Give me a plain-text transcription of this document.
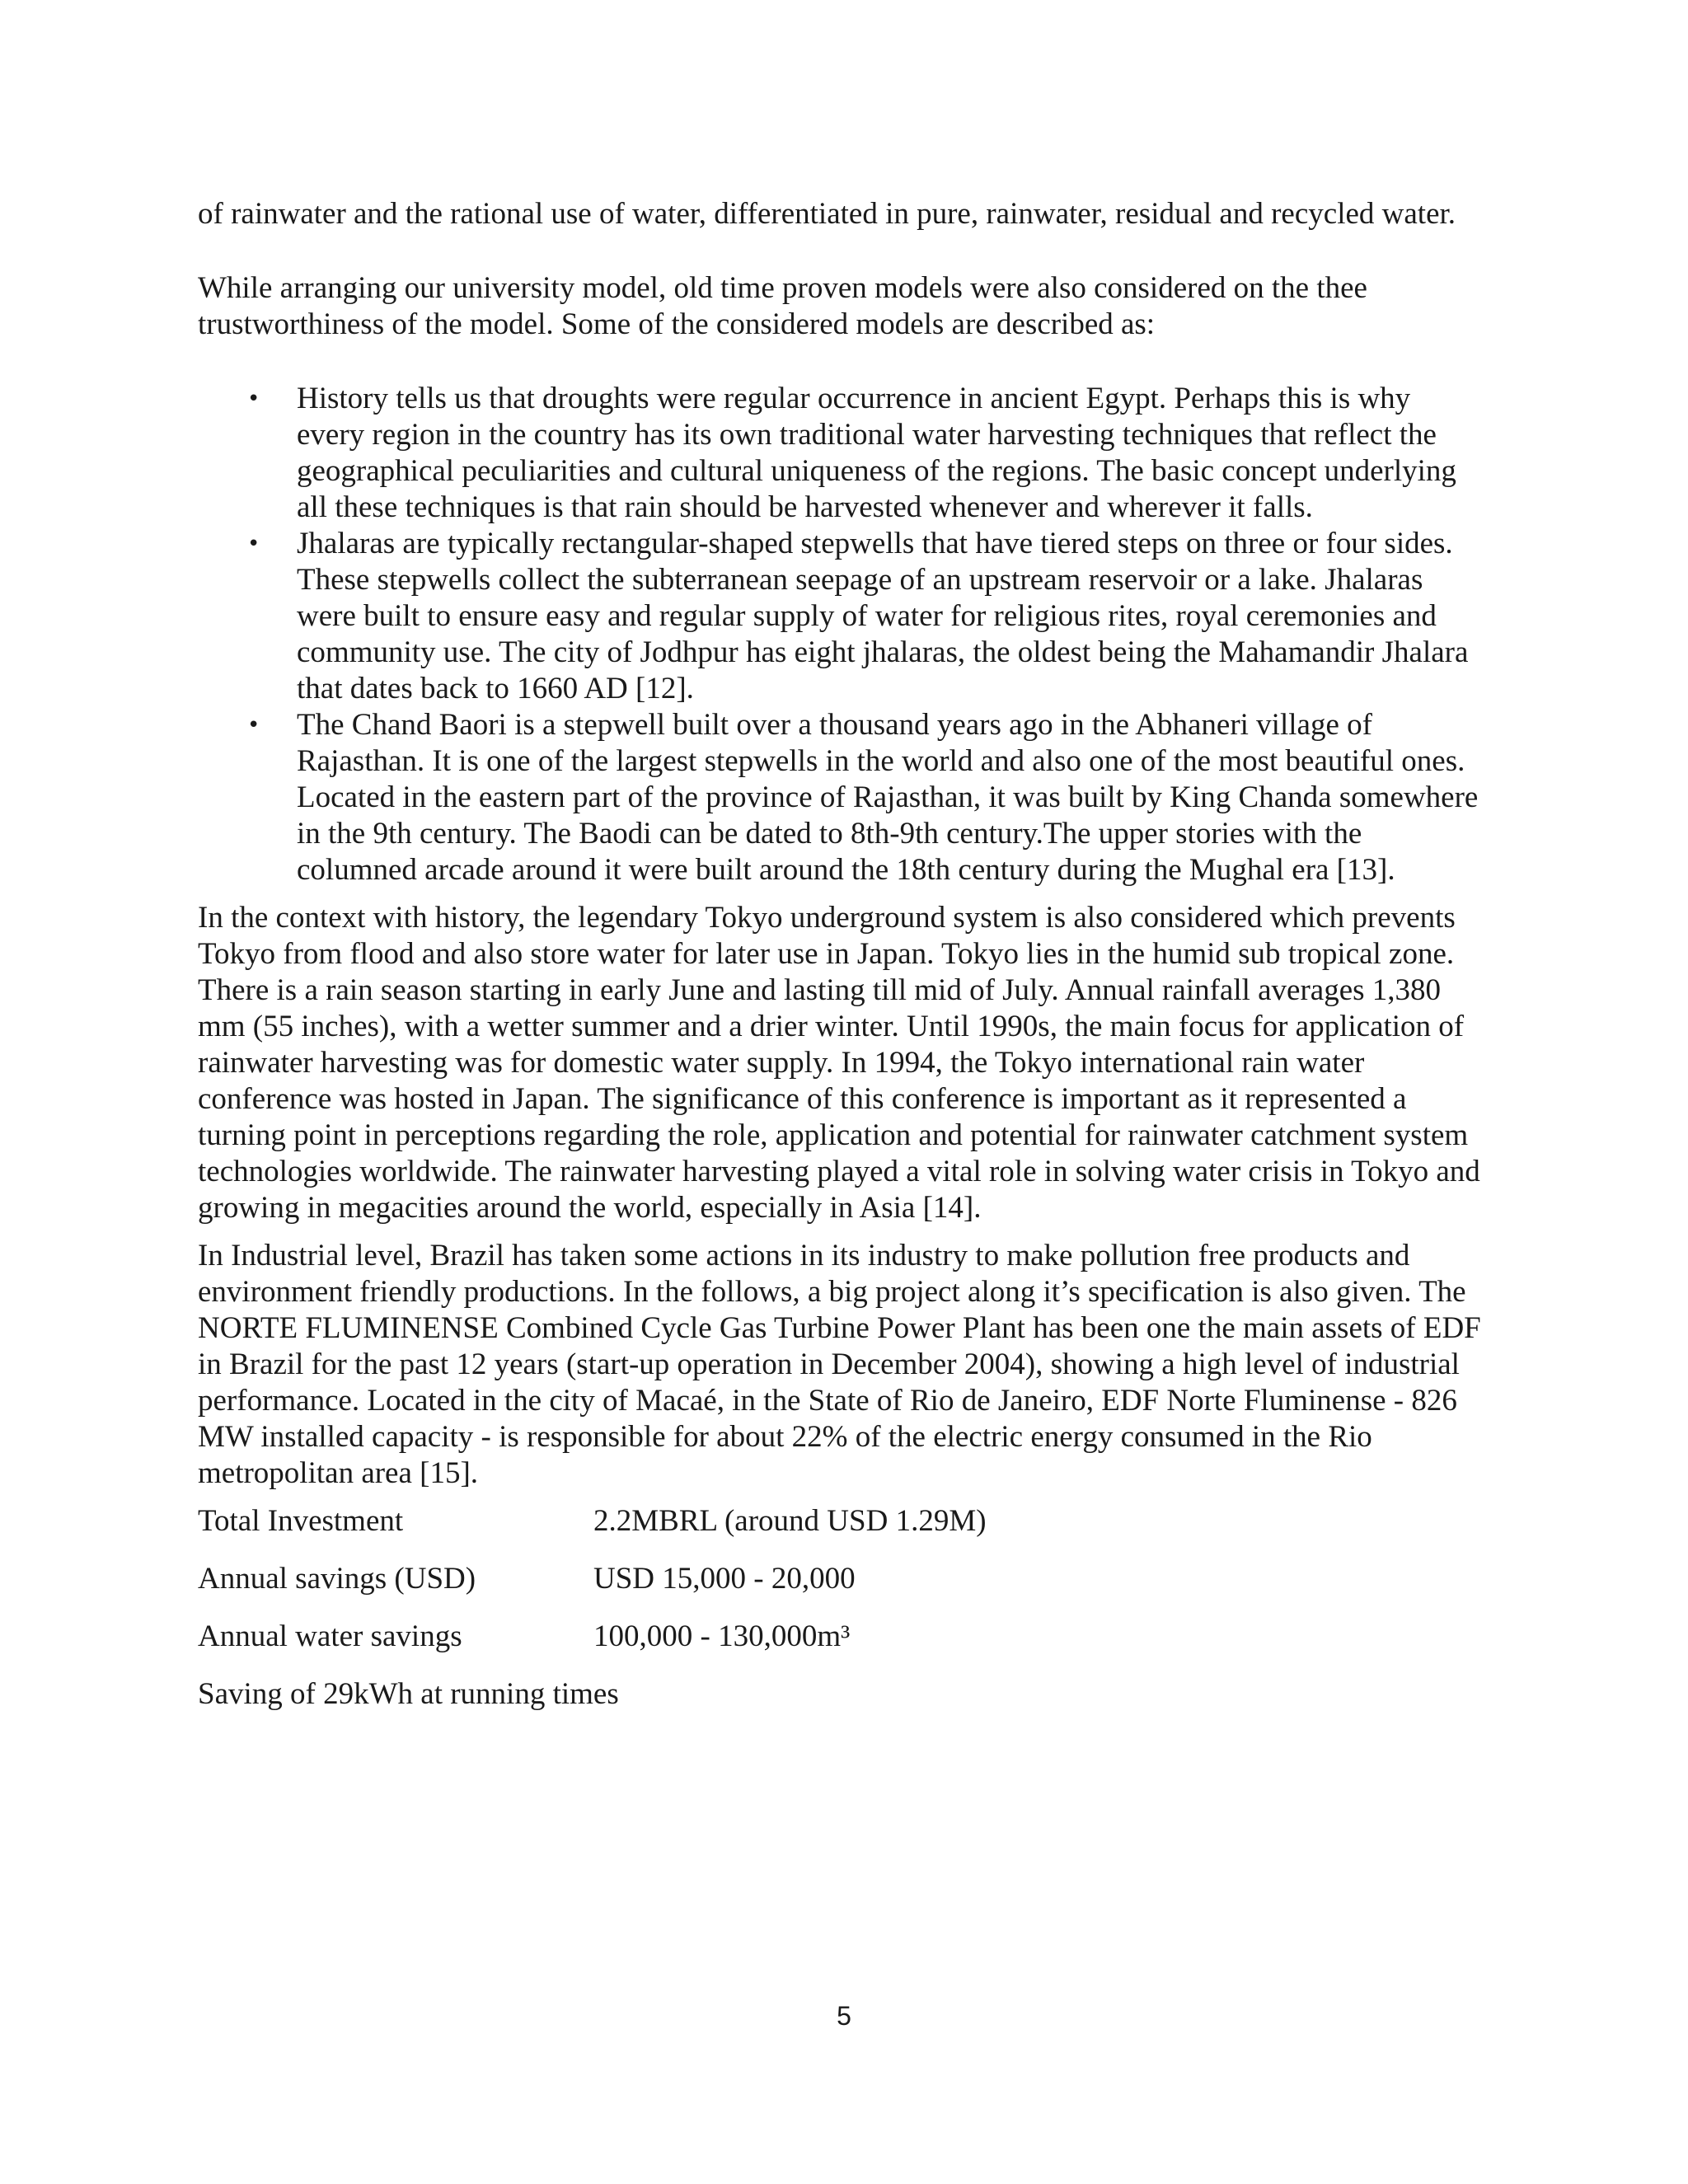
of rainwater and the rational use of water, differentiated in pure, rainwater, residual and recycled water.

While arranging our university model, old time proven models were also considered on the thee trustworthiness of the model. Some of the considered models are described as:

• History tells us that droughts were regular occurrence in ancient Egypt. Perhaps this is why every region in the country has its own traditional water harvesting techniques that reflect the geographical peculiarities and cultural uniqueness of the regions. The basic concept underlying all these techniques is that rain should be harvested whenever and wherever it falls.
• Jhalaras are typically rectangular-shaped stepwells that have tiered steps on three or four sides. These stepwells collect the subterranean seepage of an upstream reservoir or a lake. Jhalaras were built to ensure easy and regular supply of water for religious rites, royal ceremonies and community use. The city of Jodhpur has eight jhalaras, the oldest being the Mahamandir Jhalara that dates back to 1660 AD [12].
• The Chand Baori is a stepwell built over a thousand years ago in the Abhaneri village of Rajasthan. It is one of the largest stepwells in the world and also one of the most beautiful ones. Located in the eastern part of the province of Rajasthan, it was built by King Chanda somewhere in the 9th century. The Baodi can be dated to 8th-9th century.The upper stories with the columned arcade around it were built around the 18th century during the Mughal era [13].

In the context with history, the legendary Tokyo underground system is also considered which prevents Tokyo from flood and also store water for later use in Japan. Tokyo lies in the humid sub tropical zone. There is a rain season starting in early June and lasting till mid of July. Annual rainfall averages 1,380 mm (55 inches), with a wetter summer and a drier winter. Until 1990s, the main focus for application of rainwater harvesting was for domestic water supply. In 1994, the Tokyo international rain water conference was hosted in Japan. The significance of this conference is important as it represented a turning point in perceptions regarding the role, application and potential for rainwater catchment system technologies worldwide. The rainwater harvesting played a vital role in solving water crisis in Tokyo and growing in megacities around the world, especially in Asia [14].

In Industrial level, Brazil has taken some actions in its industry to make pollution free products and environment friendly productions. In the follows, a big project along it’s specification is also given. The NORTE FLUMINENSE Combined Cycle Gas Turbine Power Plant has been one the main assets of EDF in Brazil for the past 12 years (start-up operation in December 2004), showing a high level of industrial performance. Located in the city of Macaé, in the State of Rio de Janeiro, EDF Norte Fluminense - 826 MW installed capacity - is responsible for about 22% of the electric energy consumed in the Rio metropolitan area [15].

Total Investment	2.2MBRL (around USD 1.29M)
Annual savings (USD)	USD 15,000 - 20,000
Annual water savings	100,000 - 130,000m³

Saving of 29kWh at running times

5
